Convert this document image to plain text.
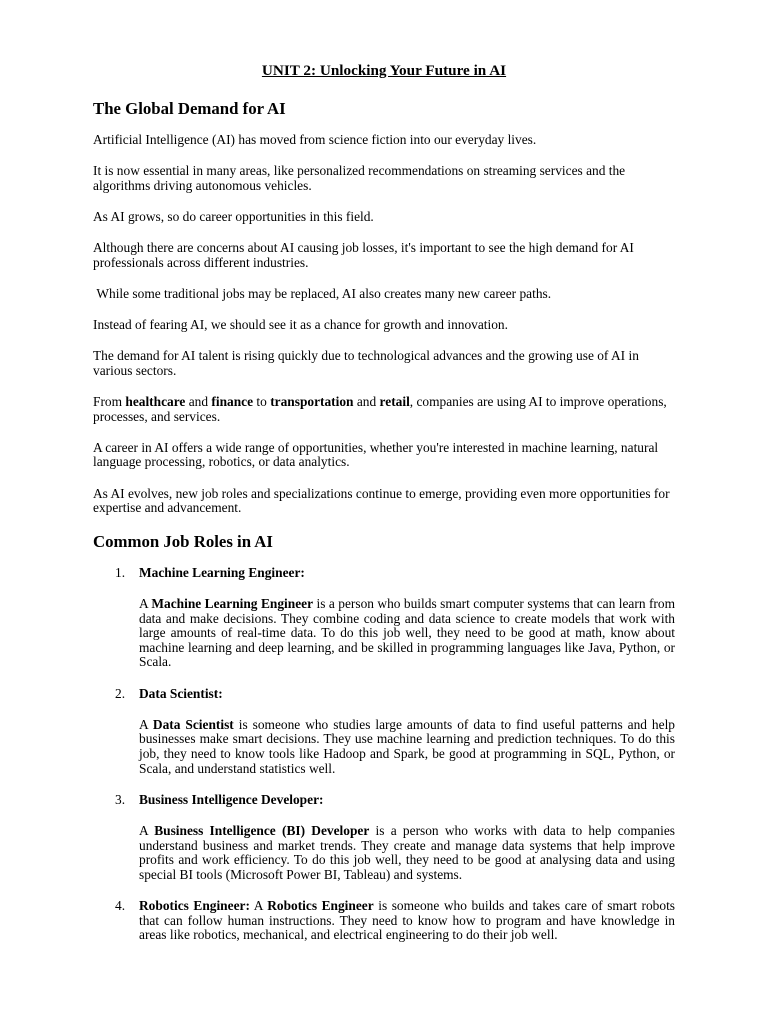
UNIT 2: Unlocking Your Future in AI
The Global Demand for AI

Artificial Intelligence (AI) has moved from science fiction into our everyday lives.

It is now essential in many areas, like personalized recommendations on streaming services and the algorithms driving autonomous vehicles.

As AI grows, so do career opportunities in this field.

Although there are concerns about AI causing job losses, it's important to see the high demand for AI professionals across different industries.

While some traditional jobs may be replaced, AI also creates many new career paths.

Instead of fearing AI, we should see it as a chance for growth and innovation.

The demand for AI talent is rising quickly due to technological advances and the growing use of AI in various sectors.

From healthcare and finance to transportation and retail, companies are using AI to improve operations, processes, and services.

A career in AI offers a wide range of opportunities, whether you're interested in machine learning, natural language processing, robotics, or data analytics.

As AI evolves, new job roles and specializations continue to emerge, providing even more opportunities for expertise and advancement.

Common Job Roles in AI
1. Machine Learning Engineer:

A Machine Learning Engineer is a person who builds smart computer systems that can learn from data and make decisions. They combine coding and data science to create models that work with large amounts of real-time data. To do this job well, they need to be good at math, know about machine learning and deep learning, and be skilled in programming languages like Java, Python, or Scala.

2. Data Scientist:

A Data Scientist is someone who studies large amounts of data to find useful patterns and help businesses make smart decisions. They use machine learning and prediction techniques. To do this job, they need to know tools like Hadoop and Spark, be good at programming in SQL, Python, or Scala, and understand statistics well.

3. Business Intelligence Developer:

A Business Intelligence (BI) Developer is a person who works with data to help companies understand business and market trends. They create and manage data systems that help improve profits and work efficiency. To do this job well, they need to be good at analysing data and using special BI tools (Microsoft Power BI, Tableau) and systems.

4. Robotics Engineer: A Robotics Engineer is someone who builds and takes care of smart robots that can follow human instructions. They need to know how to program and have knowledge in areas like robotics, mechanical, and electrical engineering to do their job well.
